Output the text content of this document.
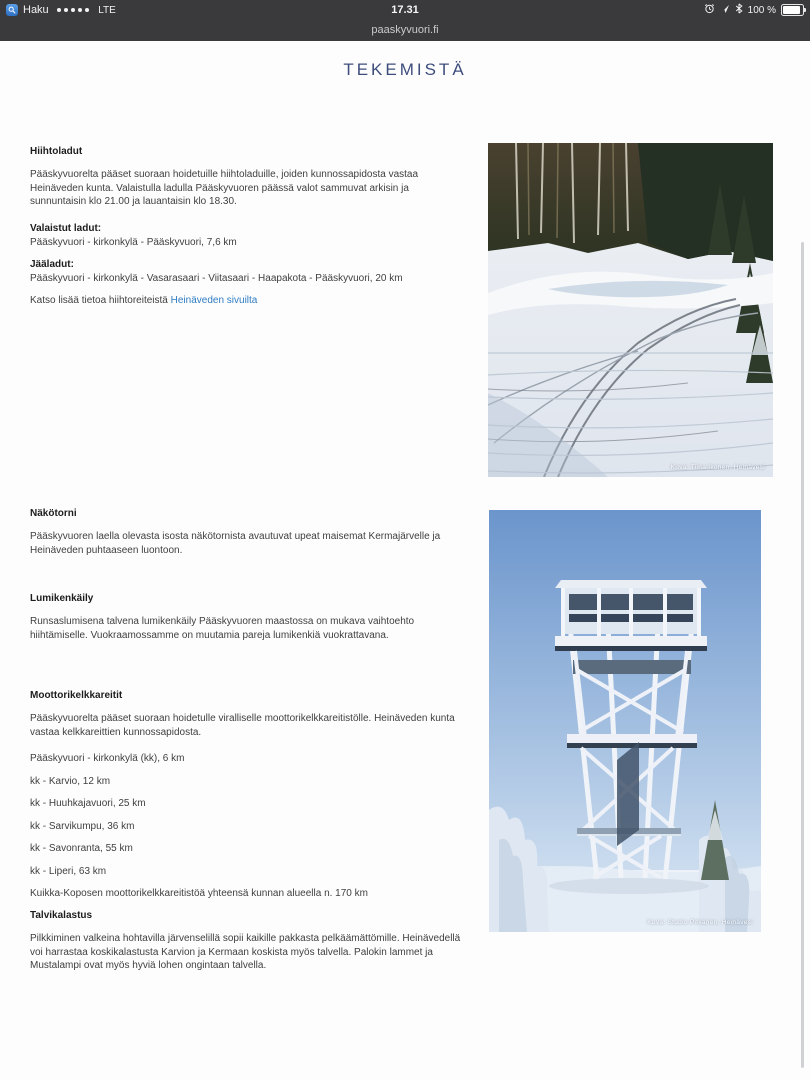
Haku	LTE	17.31	100 %
paaskyvuori.fi
TEKEMISTÄ
Hiihtoladut

Pääskyvuorelta pääset suoraan hoidetuille hiihtoladuille, joiden kunnossapidosta vastaa Heinäveden kunta. Valaistulla ladulla Pääskyvuoren päässä valot sammuvat arkisin ja sunnuntaisin klo 21.00 ja lauantaisin klo 18.30.

Valaistut ladut:

Pääskyvuori - kirkonkylä - Pääskyvuori, 7,6 km

Jääladut:

Pääskyvuori - kirkonkylä - Vasarasaari - Viitasaari - Haapakota - Pääskyvuori, 20 km

Katso lisää tietoa hiihtoreiteistä Heinäveden sivuilta

Näkötorni

Pääskyvuoren laella olevasta isosta näkötornista avautuvat upeat maisemat Kermajärvelle ja Heinäveden puhtaaseen luontoon.

Lumikenkäily

Runsaslumisena talvena lumikenkäily Pääskyvuoren maastossa on mukava vaihtoehto hiihtämiselle. Vuokraamossamme on muutamia pareja lumikenkiä vuokrattavana.

Moottorikelkkareitit

Pääskyvuorelta pääset suoraan hoidetulle viralliselle moottorikelkkareitistölle. Heinäveden kunta vastaa kelkkareittien kunnossapidosta.

Pääskyvuori - kirkonkylä (kk), 6 km

kk - Karvio, 12 km

kk - Huuhkajavuori, 25 km

kk - Sarvikumpu, 36 km

kk - Savonranta, 55 km

kk - Liperi, 63 km

Kuikka-Koposen moottorikelkkareitistöä yhteensä kunnan alueella n. 170 km

Talvikalastus

Pilkkiminen valkeina hohtavilla järvenselillä sopii kaikille pakkasta pelkäämättömille. Heinävedellä voi harrastaa koskikalastusta Karvion ja Kermaan koskista myös talvella. Palokin lammet ja Mustalampi ovat myös hyviä lohen ongintaan talvella.

Kuva: Tiina Ikonen, Heinävesi
Kuva: Studio Pitkänen, Heinävesi
